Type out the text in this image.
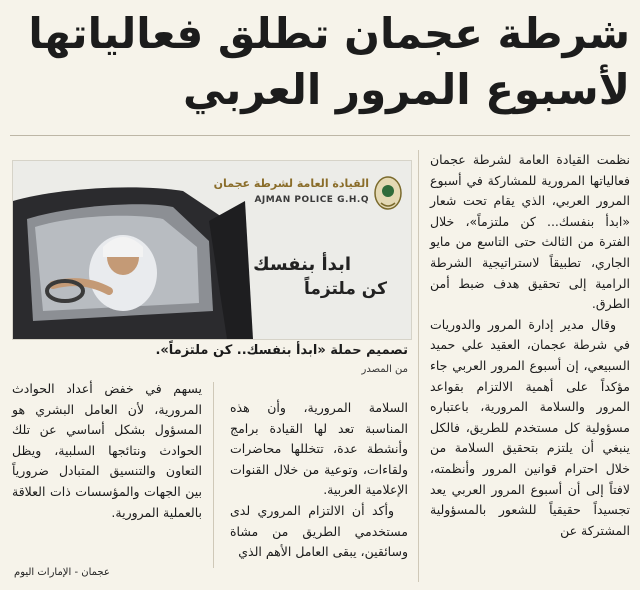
شرطة عجمان تطلق فعالياتها
لأسبوع المرور العربي

نظمت القيادة العامة لشرطة عجمان فعالياتها المرورية للمشاركة في أسبوع المرور العربي، الذي يقام تحت شعار «ابدأ بنفسك... كن ملتزماً»، خلال الفترة من الثالث حتى التاسع من مايو الجاري، تطبيقاً لاستراتيجية الشرطة الرامية إلى تحقيق هدف ضبط أمن الطرق.

وقال مدير إدارة المرور والدوريات في شرطة عجمان، العقيد علي حميد السبيعي، إن أسبوع المرور العربي جاء مؤكداً على أهمية الالتزام بقواعد المرور والسلامة المرورية، باعتباره مسؤولية كل مستخدم للطريق، فالكل ينبغي أن يلتزم بتحقيق السلامة من خلال احترام قوانين المرور وأنظمته، لافتاً إلى أن أسبوع المرور العربي يعد تجسيداً حقيقياً للشعور بالمسؤولية المشتركة عن

القيادة العامة لشرطة عجمان
AJMAN POLICE G.H.Q
ابدأ بنفسك
كن ملتزماً
تصميم حملة «ابدأ بنفسك.. كن ملتزماً».
من المصدر

السلامة المرورية، وأن هذه المناسبة تعد لها القيادة برامج وأنشطة عدة، تتخللها محاضرات ولقاءات، وتوعية من خلال القنوات الإعلامية العربية.

وأكد أن الالتزام المروري لدى مستخدمي الطريق من مشاة وسائقين، يبقى العامل الأهم الذي

يسهم في خفض أعداد الحوادث المرورية، لأن العامل البشري هو المسؤول بشكل أساسي عن تلك الحوادث ونتائجها السلبية، ويظل التعاون والتنسيق المتبادل ضرورياً بين الجهات والمؤسسات ذات العلاقة بالعملية المرورية.

عجمان - الإمارات اليوم
